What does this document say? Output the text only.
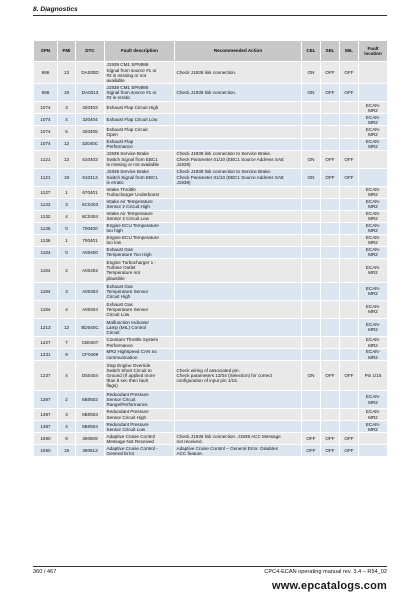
8. Diagnostics
SPN	FMI	DTC	Fault description	Recommended Action	CEL	SEL	MIL	Fault location
986	13	DA030D	J1939 CM1 SPN986
Signal from source #1 or
#2 is missing or not
available	Check J1939 link connection.	ON	OFF	OFF	
986	19	DA0313	J1939 CM1 SPN986
Signal from source #1 or
#2 is erratic	Check J1939 link connection.	ON	OFF	OFF	
1074	3	320403	Exhaust Flap Circuit High					ECAN-
MR2
1074	4	320404	Exhaust Flap Circuit Low					ECAN-
MR2
1074	5	320405	Exhaust Flap Circuit
Open					ECAN-
MR2
1074	12	32040C	Exhaust Flap
Performance					ECAN-
MR2
1121	13	610403	J1939 Service Brake
Switch Signal from EBC1
is missing or not available	Check J1939 link connection to Service Brake.
Check Parameter 01/10 (EBC1 Source Address SAE
J1939)	ON	OFF	OFF	
1121	19	610413	J1939 Service Brake
Switch Signal from EBC1
is erratic	Check J1939 link connection to Service Brake.
Check Parameter 01/10 (EBC1 Source Address SAE
J1939)	ON	OFF	OFF	
1127	1	670401	Intake Throttle
Turbocharger Underboost					ECAN-
MR2
1132	3	6C0403	Intake Air Temperature
Sensor 2 Circuit High					ECAN-
MR2
1132	4	6C0404	Intake Air Temperature
Sensor 2 Circuit Low					ECAN-
MR2
1136	0	700400	Engine ECU Temperature
too high					ECAN-
MR2
1136	1	700401	Engine ECU Temperature
too low					ECAN-
MR2
1184	0	A00400	Exhaust Gas
Temperature Too High					ECAN-
MR2
1184	2	A00402	Engine Turbocharger 1 -
Turbine Outlet
Temperature not
plausible					ECAN-
MR2
1184	3	A00403	Exhaust Gas
Temperature Sensor
Circuit High					ECAN-
MR2
1184	4	A00404	Exhaust Gas
Temperature Sensor
Circuit Low					ECAN-
MR2
1213	12	BD040C	Malfunction Indicator
Lamp (MIL) Control
Circuit					ECAN-
MR2
1227	7	CB0407	Constant Throttle System
Performance					ECAN-
MR2
1231	9	CF0409	MR2 Highspeed CAN no
communication					ECAN-
MR2
1237	4	D50404	Stop Engine Override
Switch Short Circuit to
Ground (If applied more
than 5 sec then fault
flags)	Check wiring of associated pin.
Check parameters 13/04 (Selection) for correct
configuration of input pin 1/15.	ON	OFF	OFF	Pin 1/15
1387	2	6B0502	Redundant Pressure
Sensor Circuit
Range/Performance					ECAN-
MR2
1387	3	6B0503	Redundant Pressure
Sensor Circuit High					ECAN-
MR2
1387	4	6B0504	Redundant Pressure
Sensor Circuit Low					ECAN-
MR2
1590	9	360609	Adaptive Cruise Control
Message Not Received	Check J1939 link connection. J1939 ACC Message
not received.	OFF	OFF	OFF	
1590	19	360613	Adaptive Cruise Control -
General Error	Adaptive Cruise Control – General Error. Disables
ACC feature.	OFF	OFF	OFF	
360 / 467	CPC4-ECAN operating manual rev. 3.4 – R54_02
www.epcatalogs.com
